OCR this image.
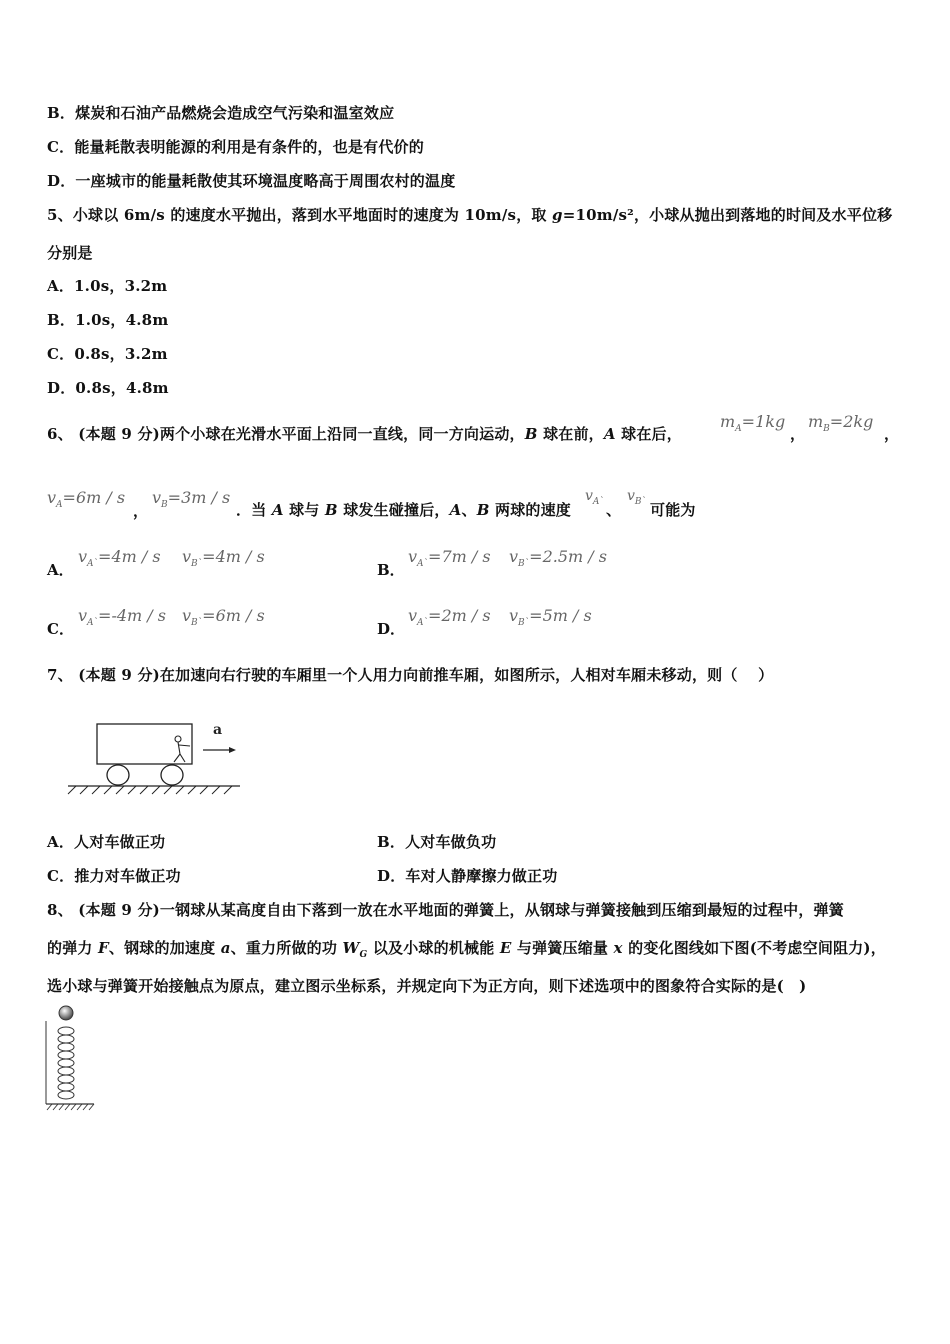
B．煤炭和石油产品燃烧会造成空气污染和温室效应
C．能量耗散表明能源的利用是有条件的，也是有代价的
D．一座城市的能量耗散使其环境温度略高于周围农村的温度
5、小球以 6m/s 的速度水平抛出，落到水平地面时的速度为 10m/s，取 g=10m/s²，小球从抛出到落地的时间及水平位移
分别是
A．1.0s，3.2m
B．1.0s，4.8m
C．0.8s，3.2m
D．0.8s，4.8m
6、 (本题 9 分)两个小球在光滑水平面上沿同一直线，同一方向运动，B 球在前，A 球在后，
$m_A=1kg$
，
$m_B=2kg$
，
$v_A=6m / s$
，
$v_B=3m / s$
．当 A 球与 B 球发生碰撞后，A、B 两球的速度
$v_{A`}$ 、
$v_{B`}$ 可能为
A．
$v_{A`}=4m / s$ $v_{B`}=4m / s$
B．
$v_{A`}=7m / s$ $v_{B`}=2.5m / s$
C．
$v_{A`}=-4m / s$ $v_{B`}=6m / s$
D．
$v_{A`}=2m / s$ $v_{B`}=5m / s$
7、 (本题 9 分)在加速向右行驶的车厢里一个人用力向前推车厢，如图所示，人相对车厢未移动，则（　 ）
a
A．人对车做正功	B．人对车做负功
C．推力对车做正功	D．车对人静摩擦力做正功
8、 (本题 9 分)一钢球从某高度自由下落到一放在水平地面的弹簧上，从钢球与弹簧接触到压缩到最短的过程中，弹簧
的弹力 F、钢球的加速度 a、重力所做的功 $W_G$ 以及小球的机械能 E 与弹簧压缩量 x 的变化图线如下图(不考虑空间阻力)，
选小球与弹簧开始接触点为原点，建立图示坐标系，并规定向下为正方向，则下述选项中的图象符合实际的是(　)
